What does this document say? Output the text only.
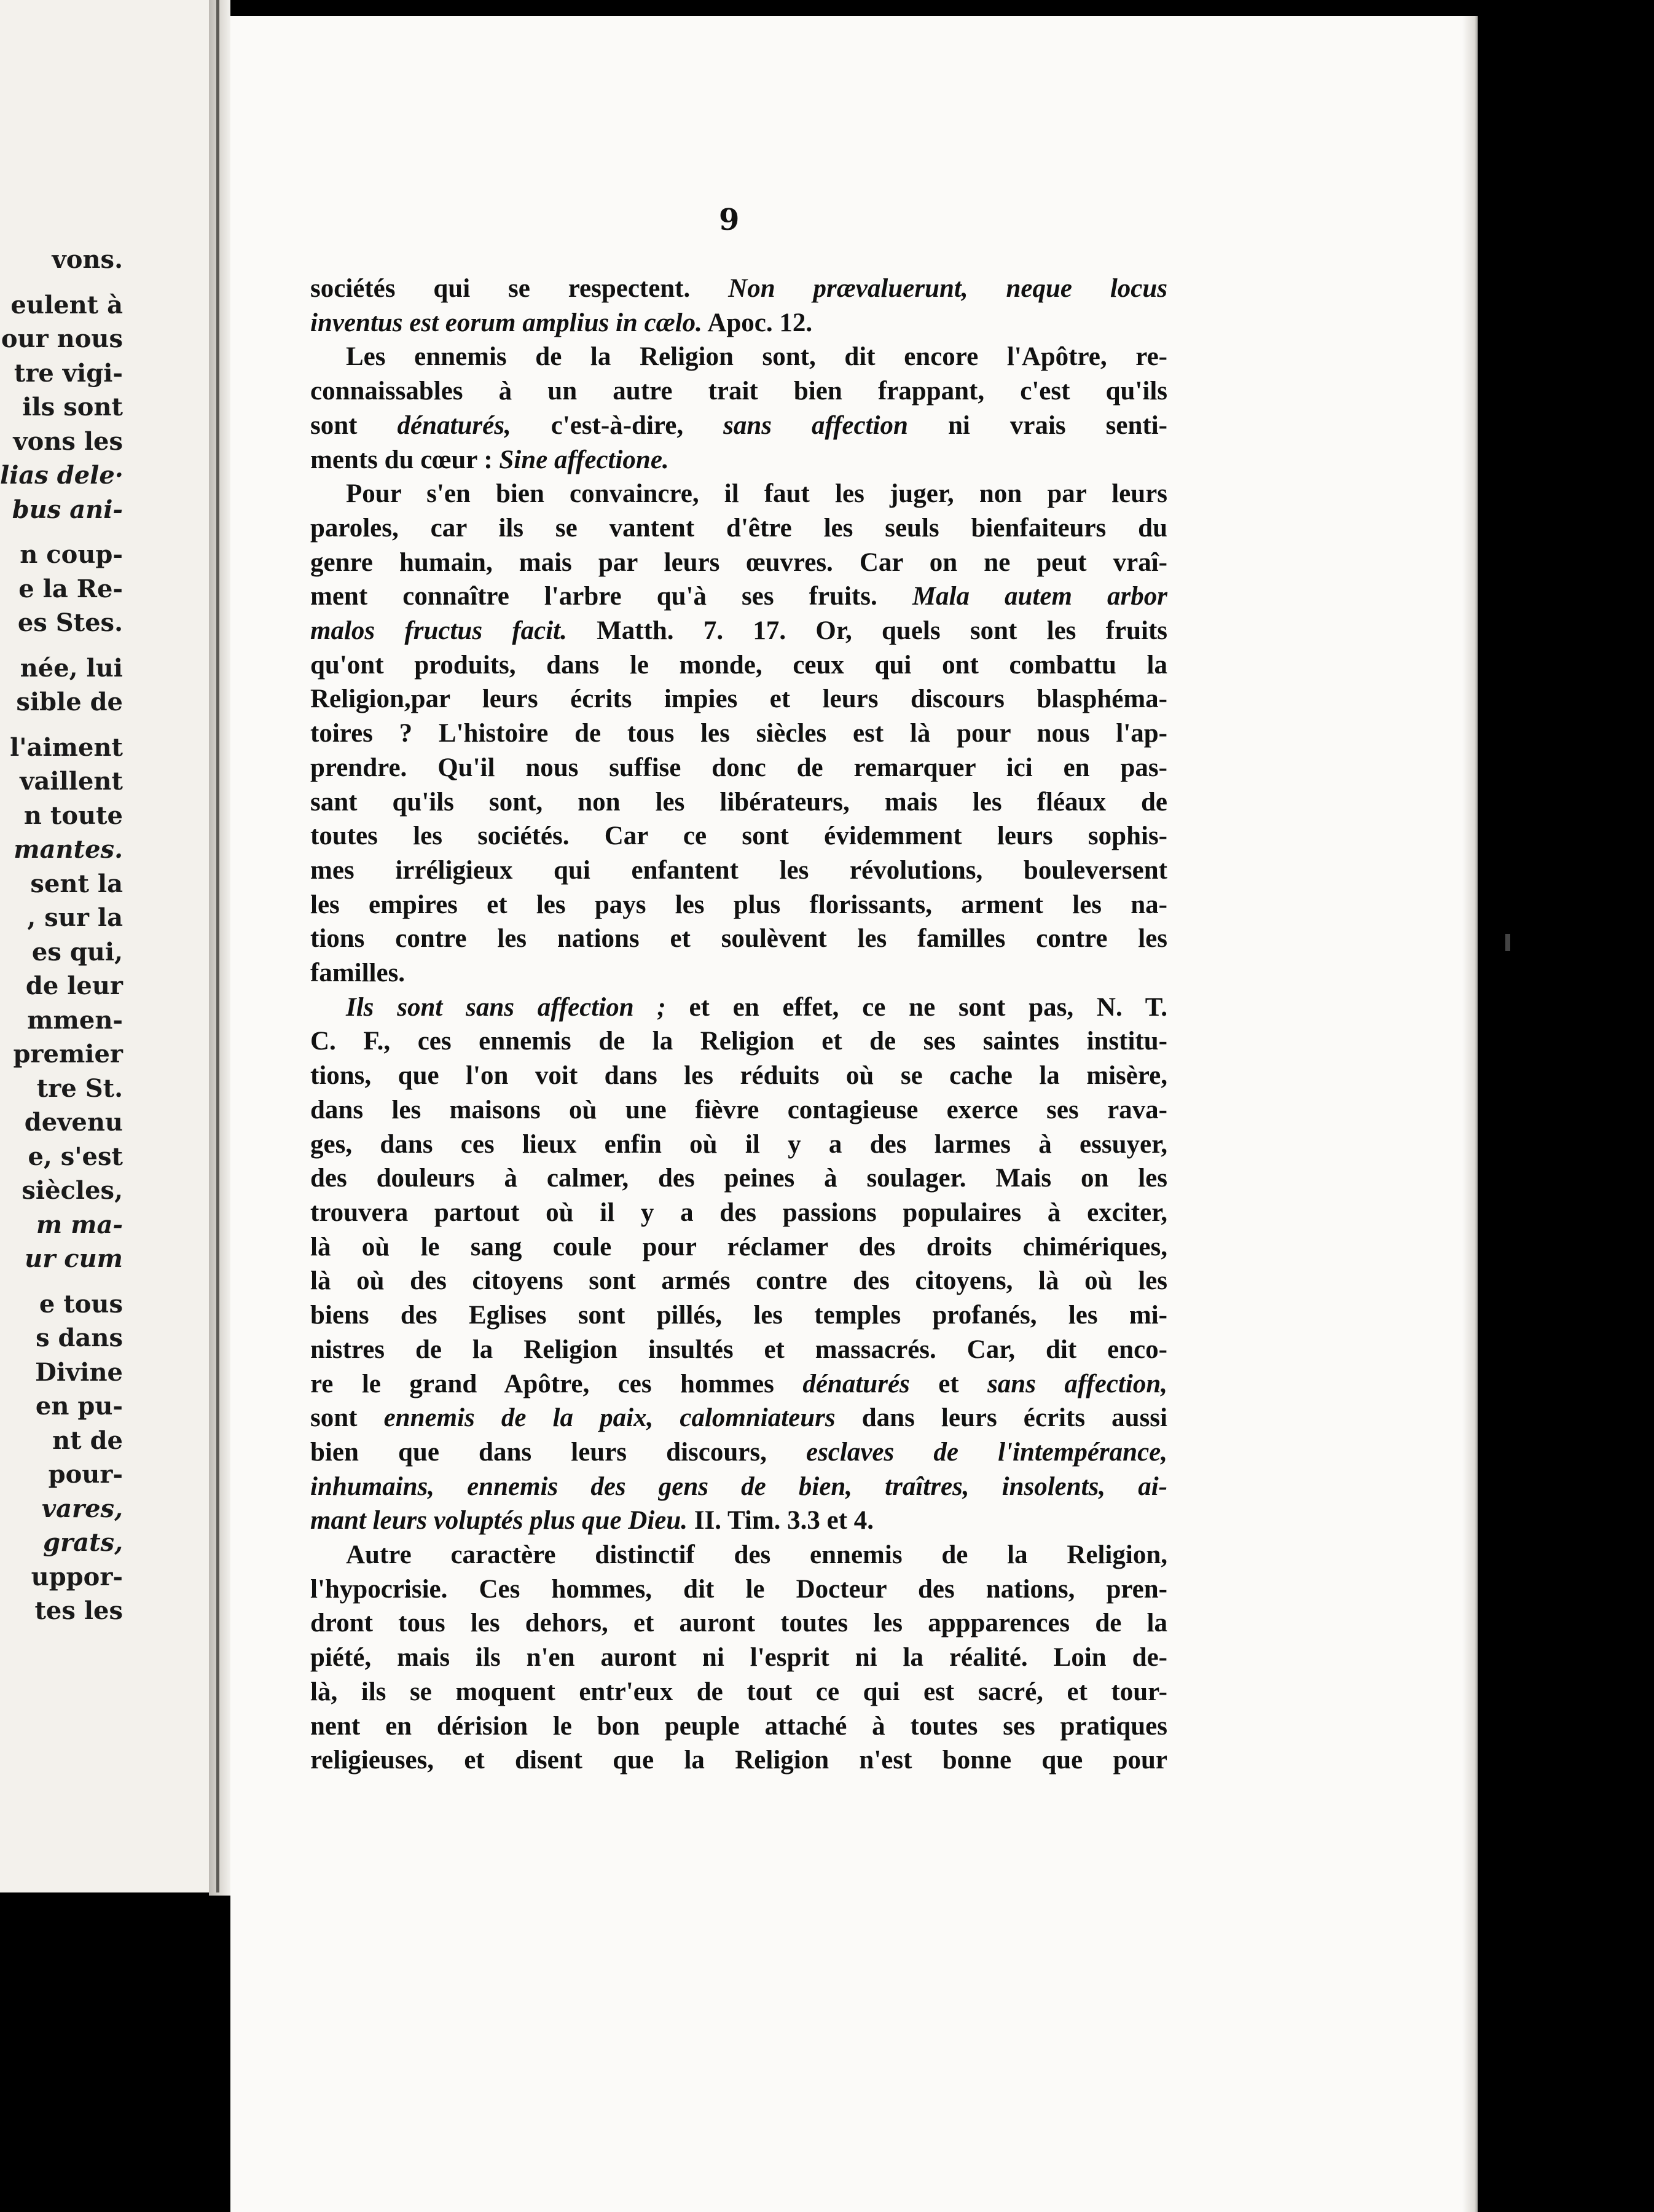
vons.
eulent à
our nous
tre vigi-
ils sont
vons les
lias dele·
bus ani-
n coup-
e la Re-
es Stes.
née, lui
sible de
l'aiment
vaillent
n toute
mantes.
sent la
, sur la
es qui,
de leur
mmen-
premier
tre St.
devenu
e, s'est
siècles,
m ma-
ur cum
e tous
s dans
Divine
en pu-
nt de
pour-
vares,
grats,
uppor-
tes les
9
sociétés qui se respectent. Non prævaluerunt, neque locus
inventus est eorum amplius in cælo. Apoc. 12.
Les ennemis de la Religion sont, dit encore l'Apôtre, re-
connaissables à un autre trait bien frappant, c'est qu'ils
sont dénaturés, c'est-à-dire, sans affection ni vrais senti-
ments du cœur : Sine affectione.
Pour s'en bien convaincre, il faut les juger, non par leurs
paroles, car ils se vantent d'être les seuls bienfaiteurs du
genre humain, mais par leurs œuvres. Car on ne peut vraî-
ment connaître l'arbre qu'à ses fruits. Mala autem arbor
malos fructus facit. Matth. 7. 17. Or, quels sont les fruits
qu'ont produits, dans le monde, ceux qui ont combattu la
Religion,par leurs écrits impies et leurs discours blasphéma-
toires ? L'histoire de tous les siècles est là pour nous l'ap-
prendre. Qu'il nous suffise donc de remarquer ici en pas-
sant qu'ils sont, non les libérateurs, mais les fléaux de
toutes les sociétés. Car ce sont évidemment leurs sophis-
mes irréligieux qui enfantent les révolutions, bouleversent
les empires et les pays les plus florissants, arment les na-
tions contre les nations et soulèvent les familles contre les
familles.
Ils sont sans affection ; et en effet, ce ne sont pas, N. T.
C. F., ces ennemis de la Religion et de ses saintes institu-
tions, que l'on voit dans les réduits où se cache la misère,
dans les maisons où une fièvre contagieuse exerce ses rava-
ges, dans ces lieux enfin où il y a des larmes à essuyer,
des douleurs à calmer, des peines à soulager. Mais on les
trouvera partout où il y a des passions populaires à exciter,
là où le sang coule pour réclamer des droits chimériques,
là où des citoyens sont armés contre des citoyens, là où les
biens des Eglises sont pillés, les temples profanés, les mi-
nistres de la Religion insultés et massacrés. Car, dit enco-
re le grand Apôtre, ces hommes dénaturés et sans affection,
sont ennemis de la paix, calomniateurs dans leurs écrits aussi
bien que dans leurs discours, esclaves de l'intempérance,
inhumains, ennemis des gens de bien, traîtres, insolents, ai-
mant leurs voluptés plus que Dieu. II. Tim. 3.3 et 4.
Autre caractère distinctif des ennemis de la Religion,
l'hypocrisie. Ces hommes, dit le Docteur des nations, pren-
dront tous les dehors, et auront toutes les appparences de la
piété, mais ils n'en auront ni l'esprit ni la réalité. Loin de-
là, ils se moquent entr'eux de tout ce qui est sacré, et tour-
nent en dérision le bon peuple attaché à toutes ses pratiques
religieuses, et disent que la Religion n'est bonne que pour
